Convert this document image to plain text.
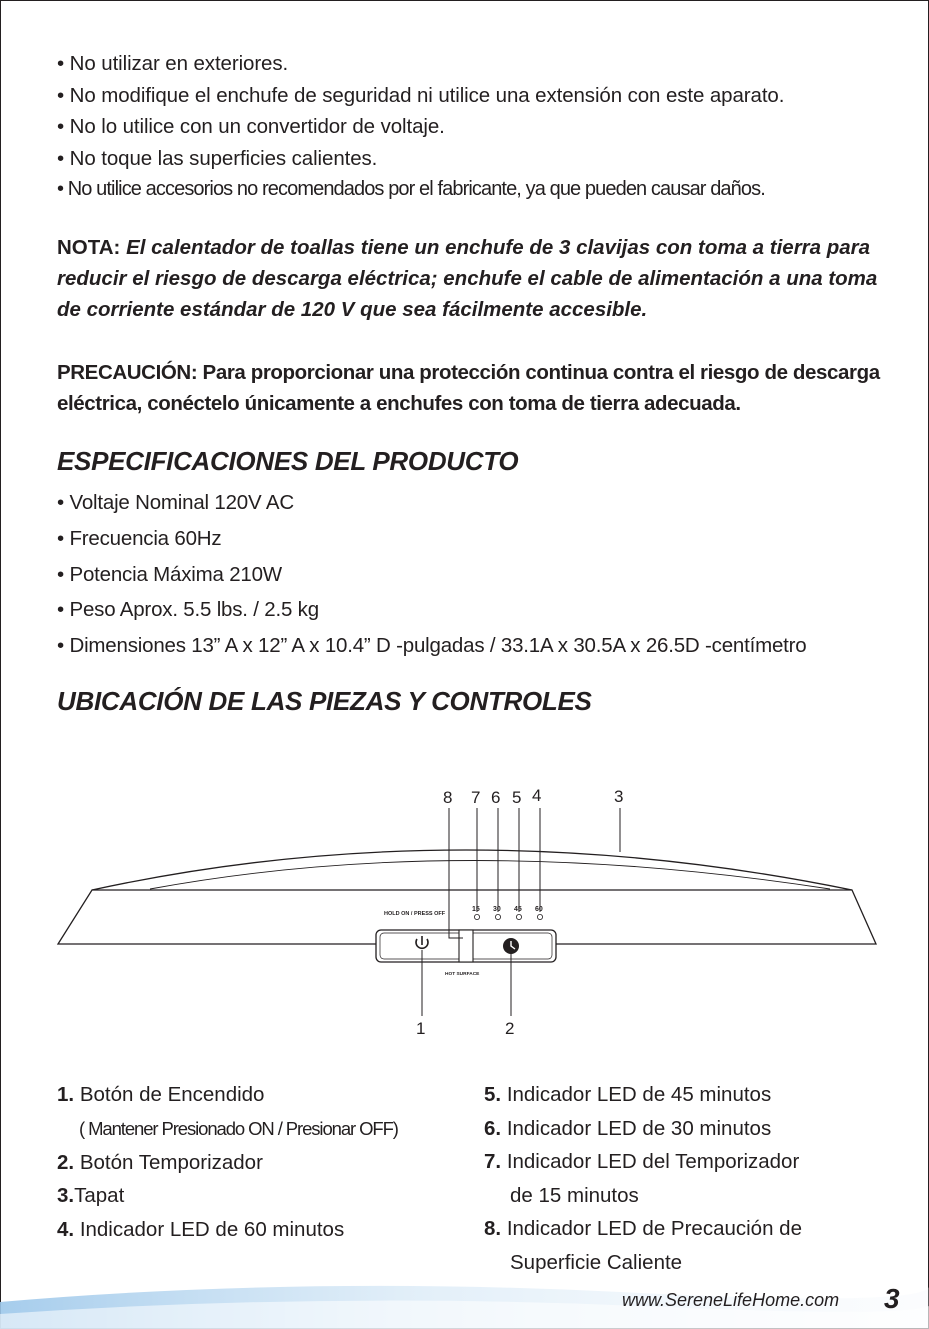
• No utilizar en exteriores.
• No modifique el enchufe de seguridad ni utilice una extensión con este aparato.
• No lo utilice con un convertidor de voltaje.
• No toque las superficies calientes.
• No utilice accesorios no recomendados por el fabricante, ya que pueden causar daños.

NOTA: El calentador de toallas tiene un enchufe de 3 clavijas con toma a tierra para reducir el riesgo de descarga eléctrica; enchufe el cable de alimentación a una toma de corriente estándar de 120 V que sea fácilmente accesible.

PRECAUCIÓN: Para proporcionar una protección continua contra el riesgo de descarga eléctrica, conéctelo únicamente a enchufes con toma de tierra adecuada.

ESPECIFICACIONES DEL PRODUCTO
• Voltaje Nominal 120V AC
• Frecuencia 60Hz
• Potencia Máxima 210W
• Peso Aprox. 5.5 lbs. / 2.5 kg
• Dimensiones 13” A x 12” A x 10.4” D -pulgadas / 33.1A x 30.5A x 26.5D -centímetro
UBICACIÓN DE LAS PIEZAS Y CONTROLES
HOLD ON / PRESS OFF
HOT SURFACE
15 30 45 60
8 7 6 5 4	3
1	2
1. Botón de Encendido
( Mantener Presionado ON / Presionar OFF)
2. Botón Temporizador
3.Tapat
4. Indicador LED de 60 minutos
5. Indicador LED de 45 minutos
6. Indicador LED de 30 minutos
7. Indicador LED del Temporizador
de 15 minutos
8. Indicador LED de Precaución de
Superficie Caliente
www.SereneLifeHome.com 3
